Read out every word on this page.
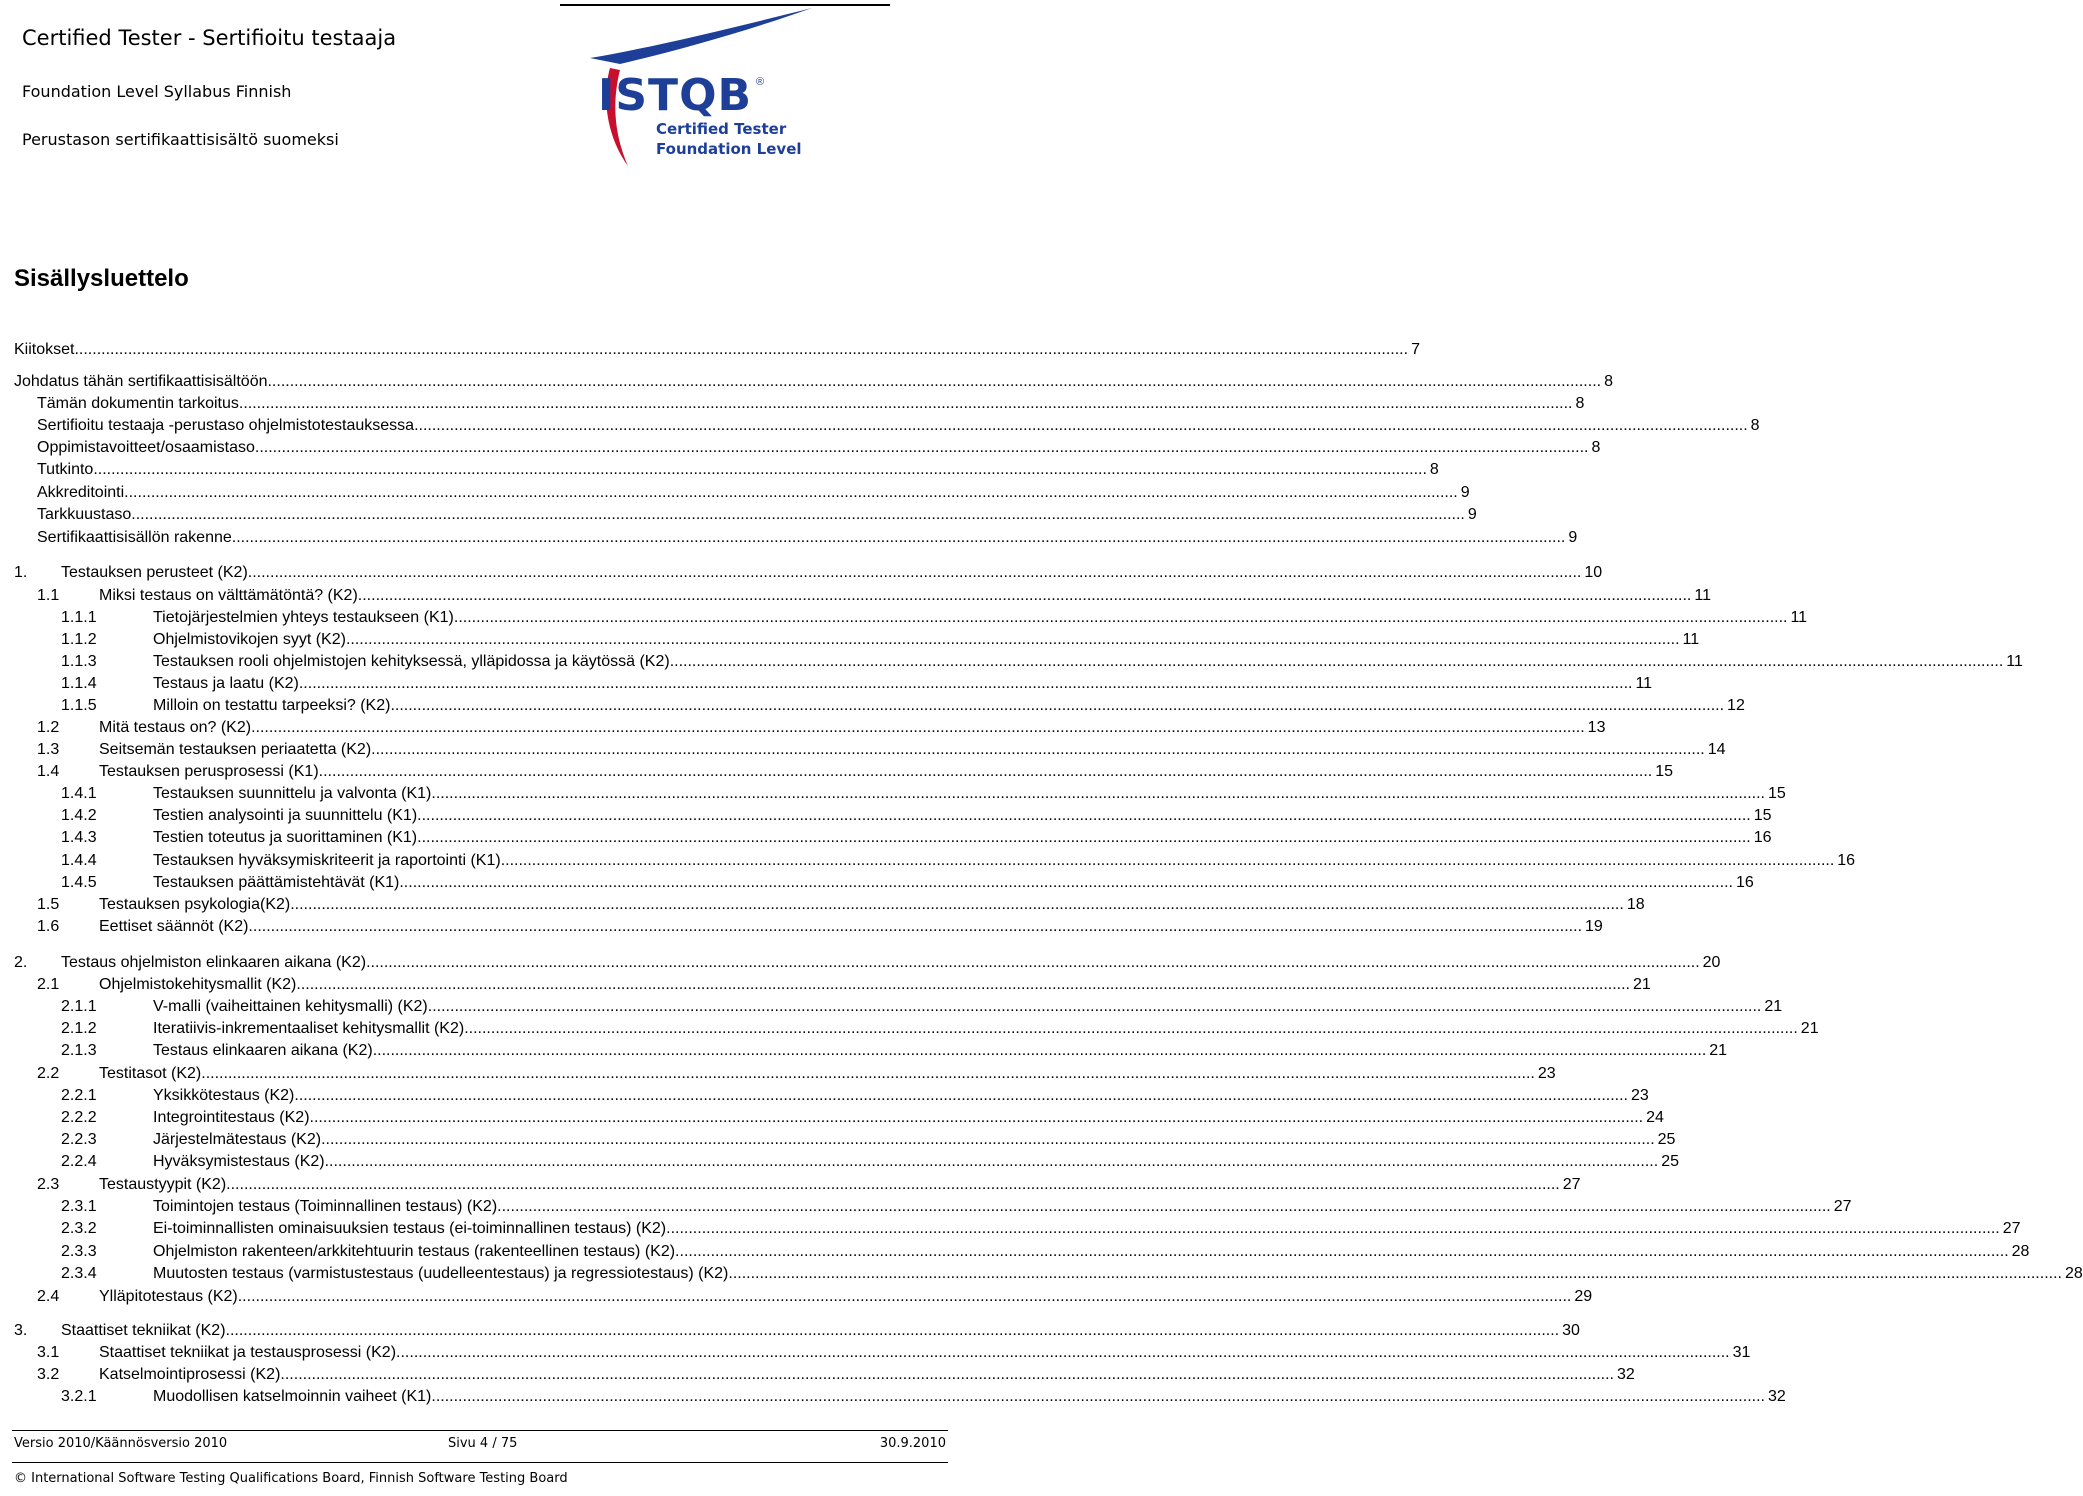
Certified Tester - Sertifioitu testaaja
Foundation Level Syllabus Finnish
Perustason sertifikaattisisältö suomeksi
ISTQB ®
Certified Tester
Foundation Level
Sisällysluettelo
Kiitokset ............................................................................................................................................................................................................................................................................................................ 7
Johdatus tähän sertifikaattisisältöön ............................................................................................................................................................................................................................................................................................................ 8
Tämän dokumentin tarkoitus ............................................................................................................................................................................................................................................................................................................ 8
Sertifioitu testaaja -perustaso ohjelmistotestauksessa ............................................................................................................................................................................................................................................................................................................ 8
Oppimistavoitteet/osaamistaso ............................................................................................................................................................................................................................................................................................................ 8
Tutkinto ............................................................................................................................................................................................................................................................................................................ 8
Akkreditointi ............................................................................................................................................................................................................................................................................................................ 9
Tarkkuustaso ............................................................................................................................................................................................................................................................................................................ 9
Sertifikaattisisällön rakenne ............................................................................................................................................................................................................................................................................................................ 9
1. Testauksen perusteet (K2) ............................................................................................................................................................................................................................................................................................................ 10
1.1 Miksi testaus on välttämätöntä? (K2) ............................................................................................................................................................................................................................................................................................................ 11
1.1.1	Tietojärjestelmien yhteys testaukseen (K1) ............................................................................................................................................................................................................................................................................................................ 11
1.1.2	Ohjelmistovikojen syyt (K2) ............................................................................................................................................................................................................................................................................................................ 11
1.1.3	Testauksen rooli ohjelmistojen kehityksessä, ylläpidossa ja käytössä (K2) ............................................................................................................................................................................................................................................................................................................ 11
1.1.4	Testaus ja laatu (K2) ............................................................................................................................................................................................................................................................................................................ 11
1.1.5	Milloin on testattu tarpeeksi? (K2) ............................................................................................................................................................................................................................................................................................................ 12
1.2 Mitä testaus on? (K2) ............................................................................................................................................................................................................................................................................................................ 13
1.3 Seitsemän testauksen periaatetta (K2) ............................................................................................................................................................................................................................................................................................................ 14
1.4 Testauksen perusprosessi (K1) ............................................................................................................................................................................................................................................................................................................ 15
1.4.1	Testauksen suunnittelu ja valvonta (K1) ............................................................................................................................................................................................................................................................................................................ 15
1.4.2	Testien analysointi ja suunnittelu (K1) ............................................................................................................................................................................................................................................................................................................ 15
1.4.3	Testien toteutus ja suorittaminen (K1) ............................................................................................................................................................................................................................................................................................................ 16
1.4.4	Testauksen hyväksymiskriteerit ja raportointi (K1) ............................................................................................................................................................................................................................................................................................................ 16
1.4.5	Testauksen päättämistehtävät (K1) ............................................................................................................................................................................................................................................................................................................ 16
1.5 Testauksen psykologia(K2) ............................................................................................................................................................................................................................................................................................................ 18
1.6 Eettiset säännöt (K2) ............................................................................................................................................................................................................................................................................................................ 19
2. Testaus ohjelmiston elinkaaren aikana (K2) ............................................................................................................................................................................................................................................................................................................ 20
2.1 Ohjelmistokehitysmallit (K2) ............................................................................................................................................................................................................................................................................................................ 21
2.1.1	V-malli (vaiheittainen kehitysmalli) (K2) ............................................................................................................................................................................................................................................................................................................ 21
2.1.2	Iteratiivis-inkrementaaliset kehitysmallit (K2) ............................................................................................................................................................................................................................................................................................................ 21
2.1.3	Testaus elinkaaren aikana (K2) ............................................................................................................................................................................................................................................................................................................ 21
2.2 Testitasot (K2) ............................................................................................................................................................................................................................................................................................................ 23
2.2.1	Yksikkötestaus (K2) ............................................................................................................................................................................................................................................................................................................ 23
2.2.2	Integrointitestaus (K2) ............................................................................................................................................................................................................................................................................................................ 24
2.2.3	Järjestelmätestaus (K2) ............................................................................................................................................................................................................................................................................................................ 25
2.2.4	Hyväksymistestaus (K2) ............................................................................................................................................................................................................................................................................................................ 25
2.3 Testaustyypit (K2) ............................................................................................................................................................................................................................................................................................................ 27
2.3.1	Toimintojen testaus (Toiminnallinen testaus) (K2) ............................................................................................................................................................................................................................................................................................................ 27
2.3.2	Ei-toiminnallisten ominaisuuksien testaus (ei-toiminnallinen testaus) (K2) ............................................................................................................................................................................................................................................................................................................ 27
2.3.3	Ohjelmiston rakenteen/arkkitehtuurin testaus (rakenteellinen testaus) (K2) ............................................................................................................................................................................................................................................................................................................ 28
2.3.4	Muutosten testaus (varmistustestaus (uudelleentestaus) ja regressiotestaus) (K2) ............................................................................................................................................................................................................................................................................................................ 28
2.4 Ylläpitotestaus (K2) ............................................................................................................................................................................................................................................................................................................ 29
3. Staattiset tekniikat (K2) ............................................................................................................................................................................................................................................................................................................ 30
3.1 Staattiset tekniikat ja testausprosessi (K2) ............................................................................................................................................................................................................................................................................................................ 31
3.2 Katselmointiprosessi (K2) ............................................................................................................................................................................................................................................................................................................ 32
3.2.1	Muodollisen katselmoinnin vaiheet (K1) ............................................................................................................................................................................................................................................................................................................ 32
Versio 2010/Käännösversio 2010	Sivu 4 / 75	30.9.2010
© International Software Testing Qualifications Board, Finnish Software Testing Board
